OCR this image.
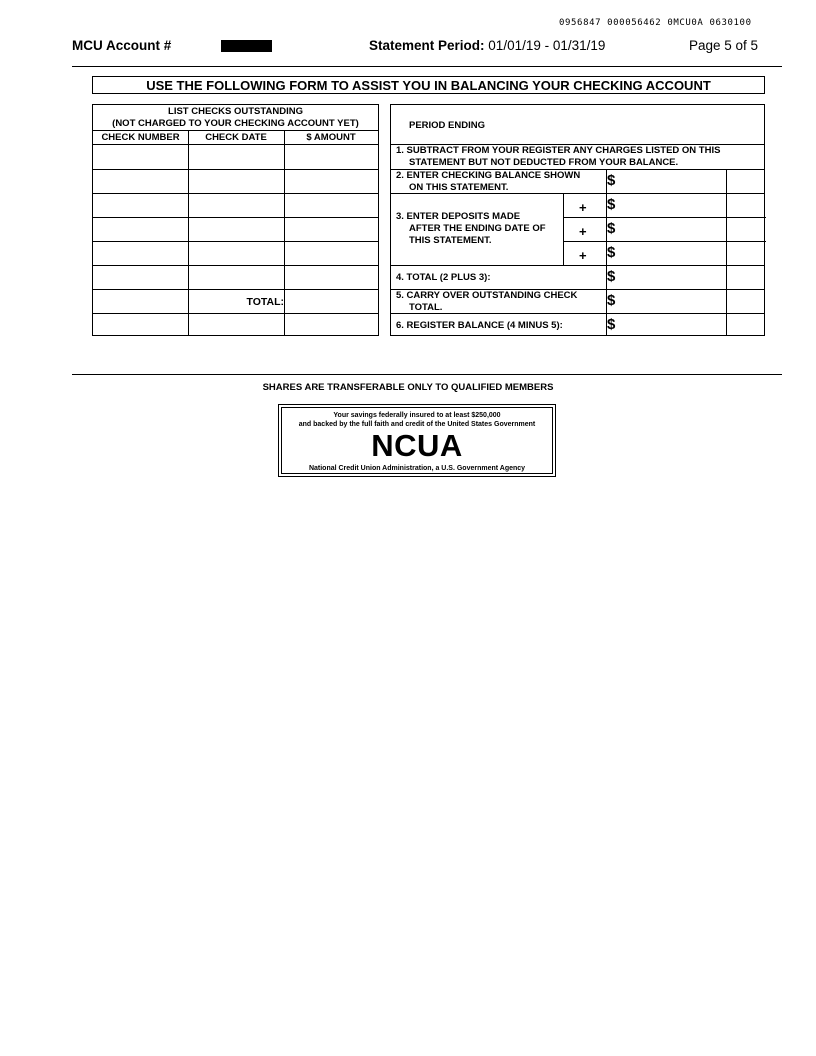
0956847 000056462 0MCU0A 0630100
MCU Account #	Statement Period: 01/01/19 - 01/31/19	Page 5 of 5
USE THE FOLLOWING FORM TO ASSIST YOU IN BALANCING YOUR CHECKING ACCOUNT
LIST CHECKS OUTSTANDING
(NOT CHARGED TO YOUR CHECKING ACCOUNT YET)
CHECK NUMBER	CHECK DATE	$ AMOUNT
TOTAL:
PERIOD ENDING
1. SUBTRACT FROM YOUR REGISTER ANY CHARGES LISTED ON THIS
STATEMENT BUT NOT DEDUCTED FROM YOUR BALANCE.
2. ENTER CHECKING BALANCE SHOWN
ON THIS STATEMENT.	$
3. ENTER DEPOSITS MADE
AFTER THE ENDING DATE OF
THIS STATEMENT.
+
+
+
$
$
$
4. TOTAL (2 PLUS 3):	$
5. CARRY OVER OUTSTANDING CHECK
TOTAL.	$
6. REGISTER BALANCE (4 MINUS 5):	$
SHARES ARE TRANSFERABLE ONLY TO QUALIFIED MEMBERS
Your savings federally insured to at least $250,000
and backed by the full faith and credit of the United States Government
NCUA
National Credit Union Administration, a U.S. Government Agency
